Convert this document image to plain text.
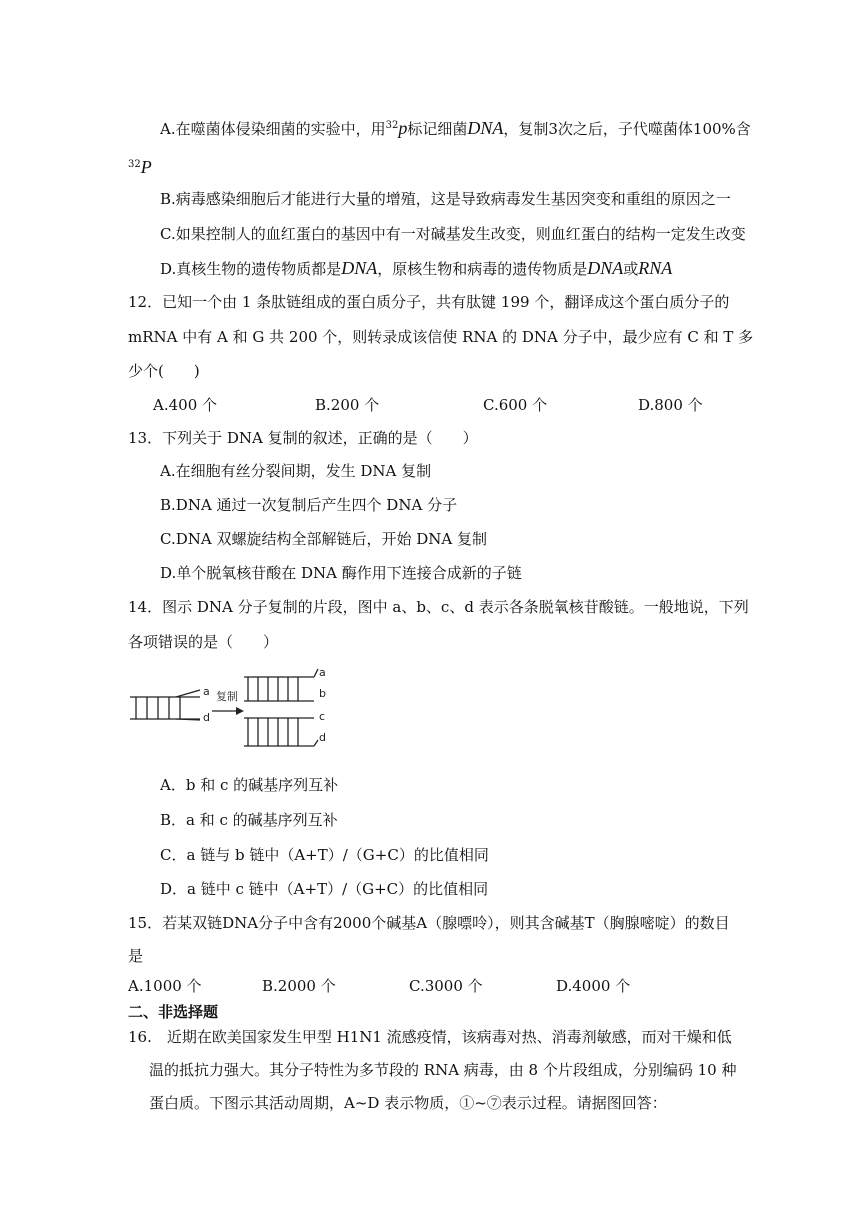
A.在噬菌体侵染细菌的实验中，用$^{32}$p标记细菌DNA，复制3次之后，子代噬菌体100%含
$^{32}$P
B.病毒感染细胞后才能进行大量的增殖，这是导致病毒发生基因突变和重组的原因之一
C.如果控制人的血红蛋白的基因中有一对碱基发生改变，则血红蛋白的结构一定发生改变
D.真核生物的遗传物质都是DNA，原核生物和病毒的遗传物质是DNA或RNA
12．已知一个由 1 条肽链组成的蛋白质分子，共有肽键 199 个，翻译成这个蛋白质分子的
mRNA 中有 A 和 G 共 200 个，则转录成该信使 RNA 的 DNA 分子中，最少应有 C 和 T 多
少个(　　)
A.400 个	B.200 个	C.600 个	D.800 个
13．下列关于 DNA 复制的叙述，正确的是（　　）
A.在细胞有丝分裂间期，发生 DNA 复制
B.DNA 通过一次复制后产生四个 DNA 分子
C.DNA 双螺旋结构全部解链后，开始 DNA 复制
D.单个脱氧核苷酸在 DNA 酶作用下连接合成新的子链
14．图示 DNA 分子复制的片段，图中 a、b、c、d 表示各条脱氧核苷酸链。一般地说，下列
各项错误的是（　　）
a
d
复制
a
b
c
d
A．b 和 c 的碱基序列互补
B．a 和 c 的碱基序列互补
C．a 链与 b 链中（A+T）/（G+C）的比值相同
D．a 链中 c 链中（A+T）/（G+C）的比值相同
15．若某双链DNA分子中含有2000个碱基A（腺嘌呤），则其含碱基T（胸腺嘧啶）的数目
是
A.1000 个	B.2000 个	C.3000 个	D.4000 个
二、非选择题
16.　近期在欧美国家发生甲型 H1N1 流感疫情，该病毒对热、消毒剂敏感，而对干燥和低
温的抵抗力强大。其分子特性为多节段的 RNA 病毒，由 8 个片段组成，分别编码 10 种
蛋白质。下图示其活动周期，A~D 表示物质，①~⑦表示过程。请据图回答：
